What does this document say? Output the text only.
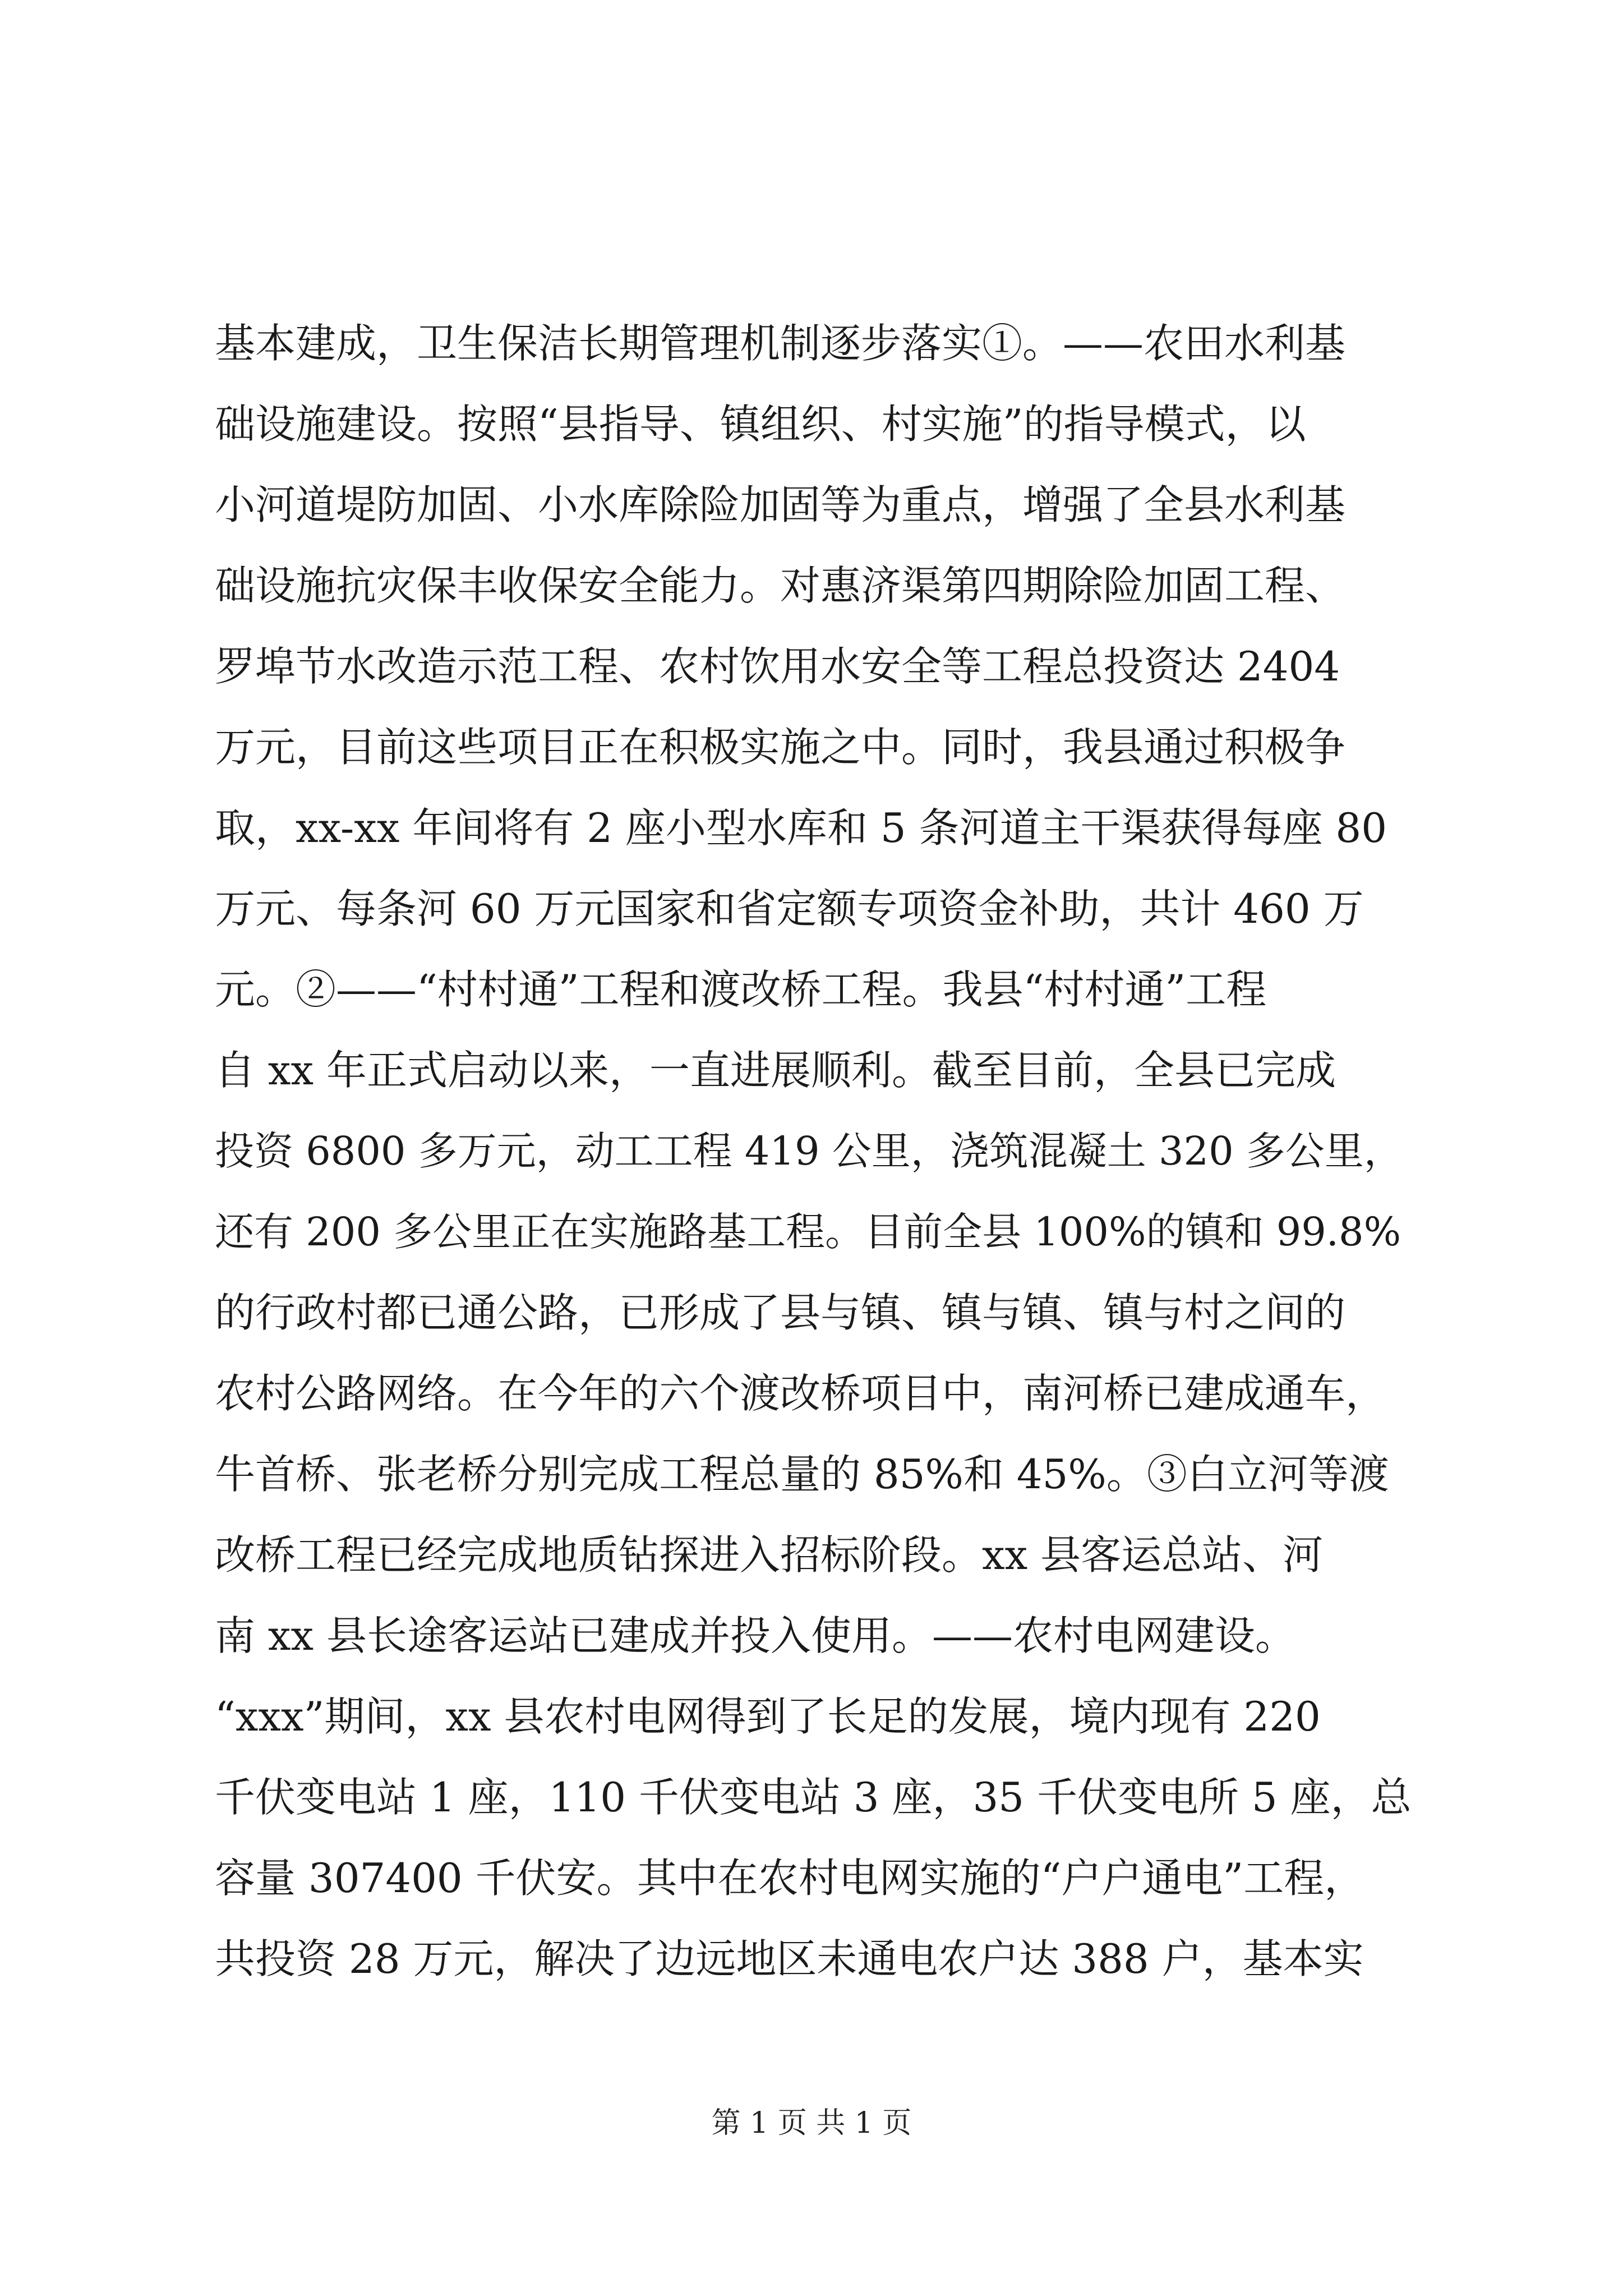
基本建成，卫生保洁长期管理机制逐步落实①。——农田水利基
础设施建设。按照“县指导、镇组织、村实施”的指导模式，以
小河道堤防加固、小水库除险加固等为重点，增强了全县水利基
础设施抗灾保丰收保安全能力。对惠济渠第四期除险加固工程、
罗埠节水改造示范工程、农村饮用水安全等工程总投资达 2404
万元，目前这些项目正在积极实施之中。同时，我县通过积极争
取，xx-xx 年间将有 2 座小型水库和 5 条河道主干渠获得每座 80
万元、每条河 60 万元国家和省定额专项资金补助，共计 460 万
元。②——“村村通”工程和渡改桥工程。我县“村村通”工程
自 xx 年正式启动以来，一直进展顺利。截至目前，全县已完成
投资 6800 多万元，动工工程 419 公里，浇筑混凝土 320 多公里，
还有 200 多公里正在实施路基工程。目前全县 100%的镇和 99.8%
的行政村都已通公路，已形成了县与镇、镇与镇、镇与村之间的
农村公路网络。在今年的六个渡改桥项目中，南河桥已建成通车，
牛首桥、张老桥分别完成工程总量的 85%和 45%。③白立河等渡
改桥工程已经完成地质钻探进入招标阶段。xx 县客运总站、河
南 xx 县长途客运站已建成并投入使用。——农村电网建设。
“xxx”期间，xx 县农村电网得到了长足的发展，境内现有 220
千伏变电站 1 座，110 千伏变电站 3 座，35 千伏变电所 5 座，总
容量 307400 千伏安。其中在农村电网实施的“户户通电”工程，
共投资 28 万元，解决了边远地区未通电农户达 388 户，基本实
第 1 页 共 1 页
